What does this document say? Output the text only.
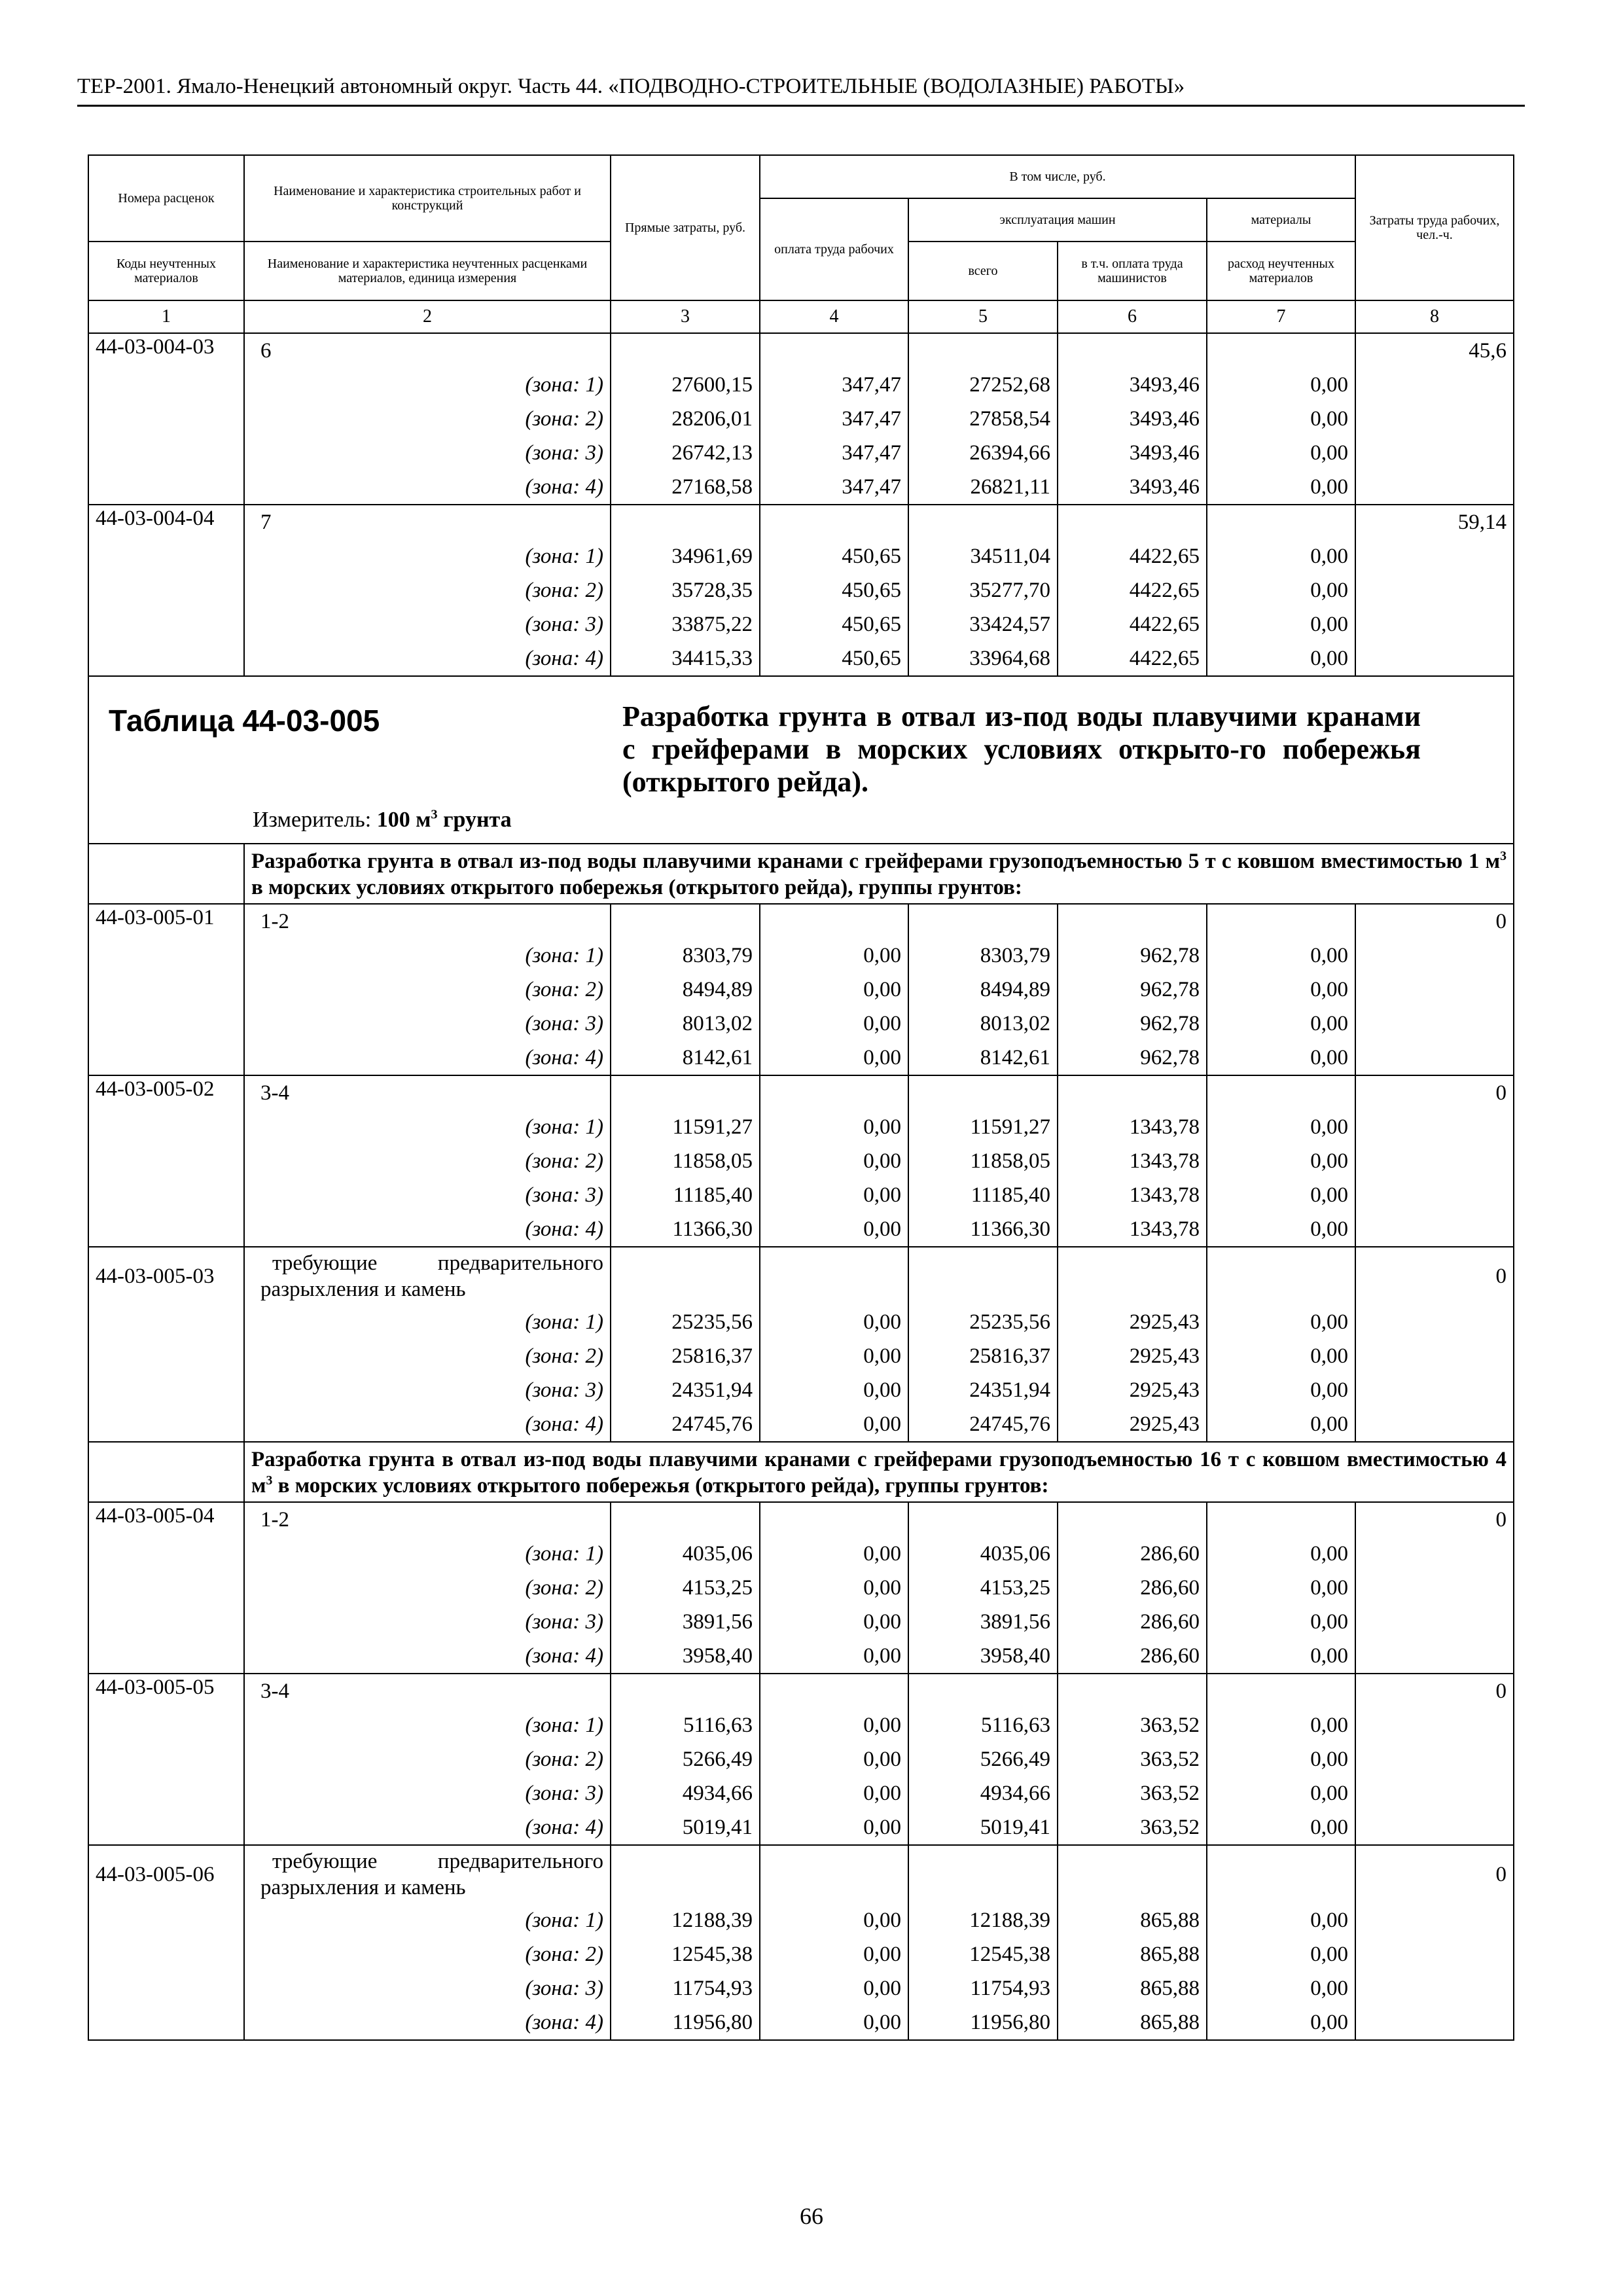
ТЕР-2001. Ямало-Ненецкий автономный округ. Часть 44. «ПОДВОДНО-СТРОИТЕЛЬНЫЕ (ВОДОЛАЗНЫЕ) РАБОТЫ»
Номера расценок	Наименование и характеристика строительных работ и конструкций	Прямые затраты, руб.	В том числе, руб.				Затраты труда рабочих, чел.-ч.
			оплата труда рабочих	эксплуатация машин		материалы	
Коды неучтенных материалов	Наименование и характеристика неучтенных расценками материалов, единица измерения			всего	в т.ч. оплата труда машинистов	расход неучтенных материалов	

1	2	3	4	5	6	7	8
44-03-004-03	6						45,6
	(зона: 1)	27600,15	347,47	27252,68	3493,46	0,00	
	(зона: 2)	28206,01	347,47	27858,54	3493,46	0,00	
	(зона: 3)	26742,13	347,47	26394,66	3493,46	0,00	
	(зона: 4)	27168,58	347,47	26821,11	3493,46	0,00	
44-03-004-04	7						59,14
	(зона: 1)	34961,69	450,65	34511,04	4422,65	0,00	
	(зона: 2)	35728,35	450,65	35277,70	4422,65	0,00	
	(зона: 3)	33875,22	450,65	33424,57	4422,65	0,00	
	(зона: 4)	34415,33	450,65	33964,68	4422,65	0,00	

Таблица 44-03-005 Разработка грунта в отвал из-под воды плавучими кранами с грейферами в морских условиях открыто-го побережья (открытого рейда).
Измеритель: 100 $м^3$ грунта							

	Разработка грунта в отвал из-под воды плавучими кранами с грейферами грузоподъемностью 5 т с ковшом вместимостью 1 $м^3$ в морских условиях открытого побережья (открытого рейда), группы грунтов:						
44-03-005-01	1-2						0
	(зона: 1)	8303,79	0,00	8303,79	962,78	0,00	
	(зона: 2)	8494,89	0,00	8494,89	962,78	0,00	
	(зона: 3)	8013,02	0,00	8013,02	962,78	0,00	
	(зона: 4)	8142,61	0,00	8142,61	962,78	0,00	
44-03-005-02	3-4						0
	(зона: 1)	11591,27	0,00	11591,27	1343,78	0,00	
	(зона: 2)	11858,05	0,00	11858,05	1343,78	0,00	
	(зона: 3)	11185,40	0,00	11185,40	1343,78	0,00	
	(зона: 4)	11366,30	0,00	11366,30	1343,78	0,00	
44-03-005-03	требующие предварительного разрыхления и камень						0
	(зона: 1)	25235,56	0,00	25235,56	2925,43	0,00	
	(зона: 2)	25816,37	0,00	25816,37	2925,43	0,00	
	(зона: 3)	24351,94	0,00	24351,94	2925,43	0,00	
	(зона: 4)	24745,76	0,00	24745,76	2925,43	0,00	
	Разработка грунта в отвал из-под воды плавучими кранами с грейферами грузоподъемностью 16 т с ковшом вместимостью 4 $м^3$ в морских условиях открытого побережья (открытого рейда), группы грунтов:						
44-03-005-04	1-2						0
	(зона: 1)	4035,06	0,00	4035,06	286,60	0,00	
	(зона: 2)	4153,25	0,00	4153,25	286,60	0,00	
	(зона: 3)	3891,56	0,00	3891,56	286,60	0,00	
	(зона: 4)	3958,40	0,00	3958,40	286,60	0,00	
44-03-005-05	3-4						0
	(зона: 1)	5116,63	0,00	5116,63	363,52	0,00	
	(зона: 2)	5266,49	0,00	5266,49	363,52	0,00	
	(зона: 3)	4934,66	0,00	4934,66	363,52	0,00	
	(зона: 4)	5019,41	0,00	5019,41	363,52	0,00	
44-03-005-06	требующие предварительного разрыхления и камень						0
	(зона: 1)	12188,39	0,00	12188,39	865,88	0,00	
	(зона: 2)	12545,38	0,00	12545,38	865,88	0,00	
	(зона: 3)	11754,93	0,00	11754,93	865,88	0,00	
	(зона: 4)	11956,80	0,00	11956,80	865,88	0,00	
66
